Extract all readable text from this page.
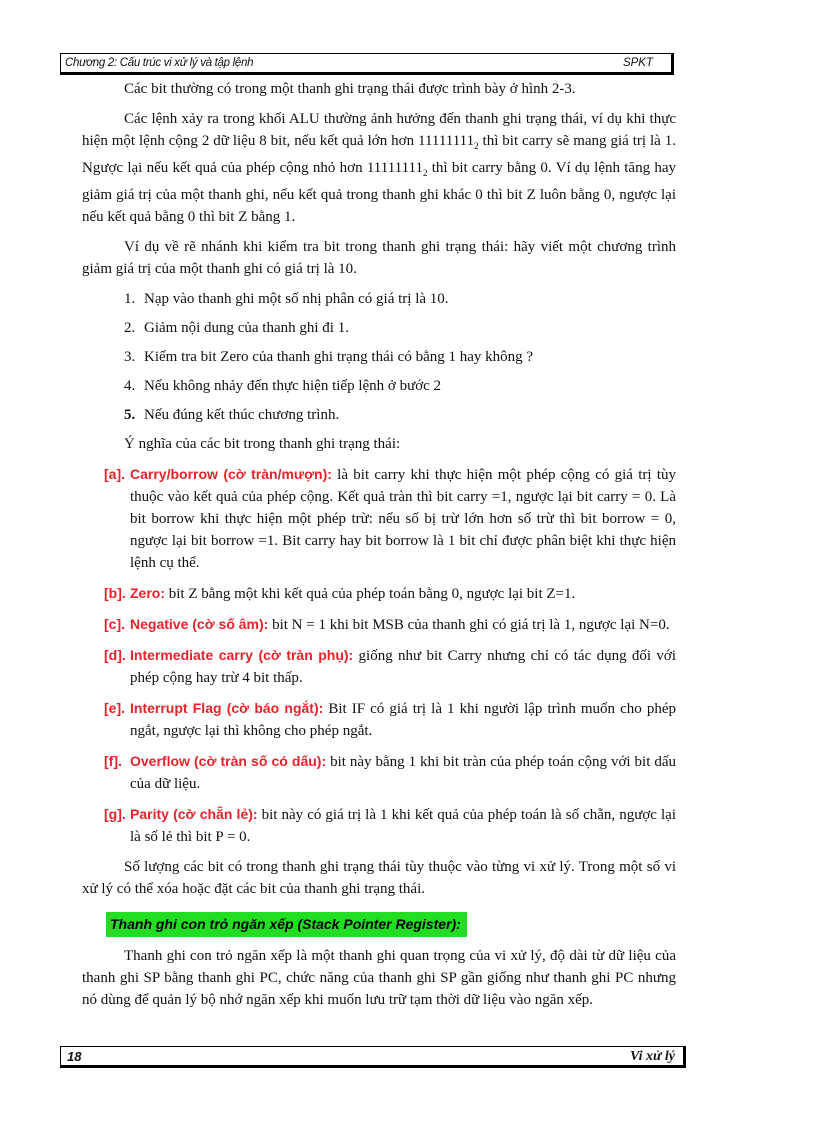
Chương 2: Cấu trúc vi xử lý và tập lệnh	SPKT

Các bit thường có trong một thanh ghi trạng thái được trình bày ở hình 2-3.

Các lệnh xảy ra trong khối ALU thường ảnh hưởng đến thanh ghi trạng thái, ví dụ khi thực hiện một lệnh cộng 2 dữ liệu 8 bit, nếu kết quả lớn hơn $11111111_2$ thì bit carry sẽ mang giá trị là 1. Ngược lại nếu kết quả của phép cộng nhỏ hơn $11111111_2$ thì bit carry bằng 0. Ví dụ lệnh tăng hay giảm giá trị của một thanh ghi, nếu kết quả trong thanh ghi khác 0 thì bit Z luôn bằng 0, ngược lại nếu kết quả bằng 0 thì bit Z bằng 1.

Ví dụ về rẽ nhánh khi kiểm tra bit trong thanh ghi trạng thái: hãy viết một chương trình giảm giá trị của một thanh ghi có giá trị là 10.

1. Nạp vào thanh ghi một số nhị phân có giá trị là 10.
2. Giảm nội dung của thanh ghi đi 1.
3. Kiểm tra bit Zero của thanh ghi trạng thái có bằng 1 hay không ?
4. Nếu không nhảy đến thực hiện tiếp lệnh ở bước 2
5. Nếu đúng kết thúc chương trình.

Ý nghĩa của các bit trong thanh ghi trạng thái:

[a]. Carry/borrow (cờ tràn/mượn): là bit carry khi thực hiện một phép cộng có giá trị tùy thuộc vào kết quả của phép cộng. Kết quả tràn thì bit carry =1, ngược lại bit carry = 0. Là bit borrow khi thực hiện một phép trừ: nếu số bị trừ lớn hơn số trừ thì bit borrow = 0, ngược lại bit borrow =1. Bit carry hay bit borrow là 1 bit chỉ được phân biệt khi thực hiện lệnh cụ thể.
[b]. Zero: bit Z bằng một khi kết quả của phép toán bằng 0, ngược lại bit Z=1.
[c]. Negative (cờ số âm): bit N = 1 khi bit MSB của thanh ghi có giá trị là 1, ngược lại N=0.
[d]. Intermediate carry (cờ tràn phụ): giống như bit Carry nhưng chỉ có tác dụng đối với phép cộng hay trừ 4 bit thấp.
[e]. Interrupt Flag (cờ báo ngắt): Bit IF có giá trị là 1 khi người lập trình muốn cho phép ngắt, ngược lại thì không cho phép ngắt.
[f]. Overflow (cờ tràn số có dấu): bit này bằng 1 khi bit tràn của phép toán cộng với bit dấu của dữ liệu.
[g]. Parity (cờ chẵn lẻ): bit này có giá trị là 1 khi kết quả của phép toán là số chẵn, ngược lại là số lẻ thì bit P = 0.

Số lượng các bit có trong thanh ghi trạng thái tùy thuộc vào từng vi xử lý. Trong một số vi xử lý có thể xóa hoặc đặt các bit của thanh ghi trạng thái.

Thanh ghi con trỏ ngăn xếp (Stack Pointer Register):

Thanh ghi con trỏ ngăn xếp là một thanh ghi quan trọng của vi xử lý, độ dài từ dữ liệu của thanh ghi SP bằng thanh ghi PC, chức năng của thanh ghi SP gần giống như thanh ghi PC nhưng nó dùng để quản lý bộ nhớ ngăn xếp khi muốn lưu trữ tạm thời dữ liệu vào ngăn xếp.

18	Vi xử lý
